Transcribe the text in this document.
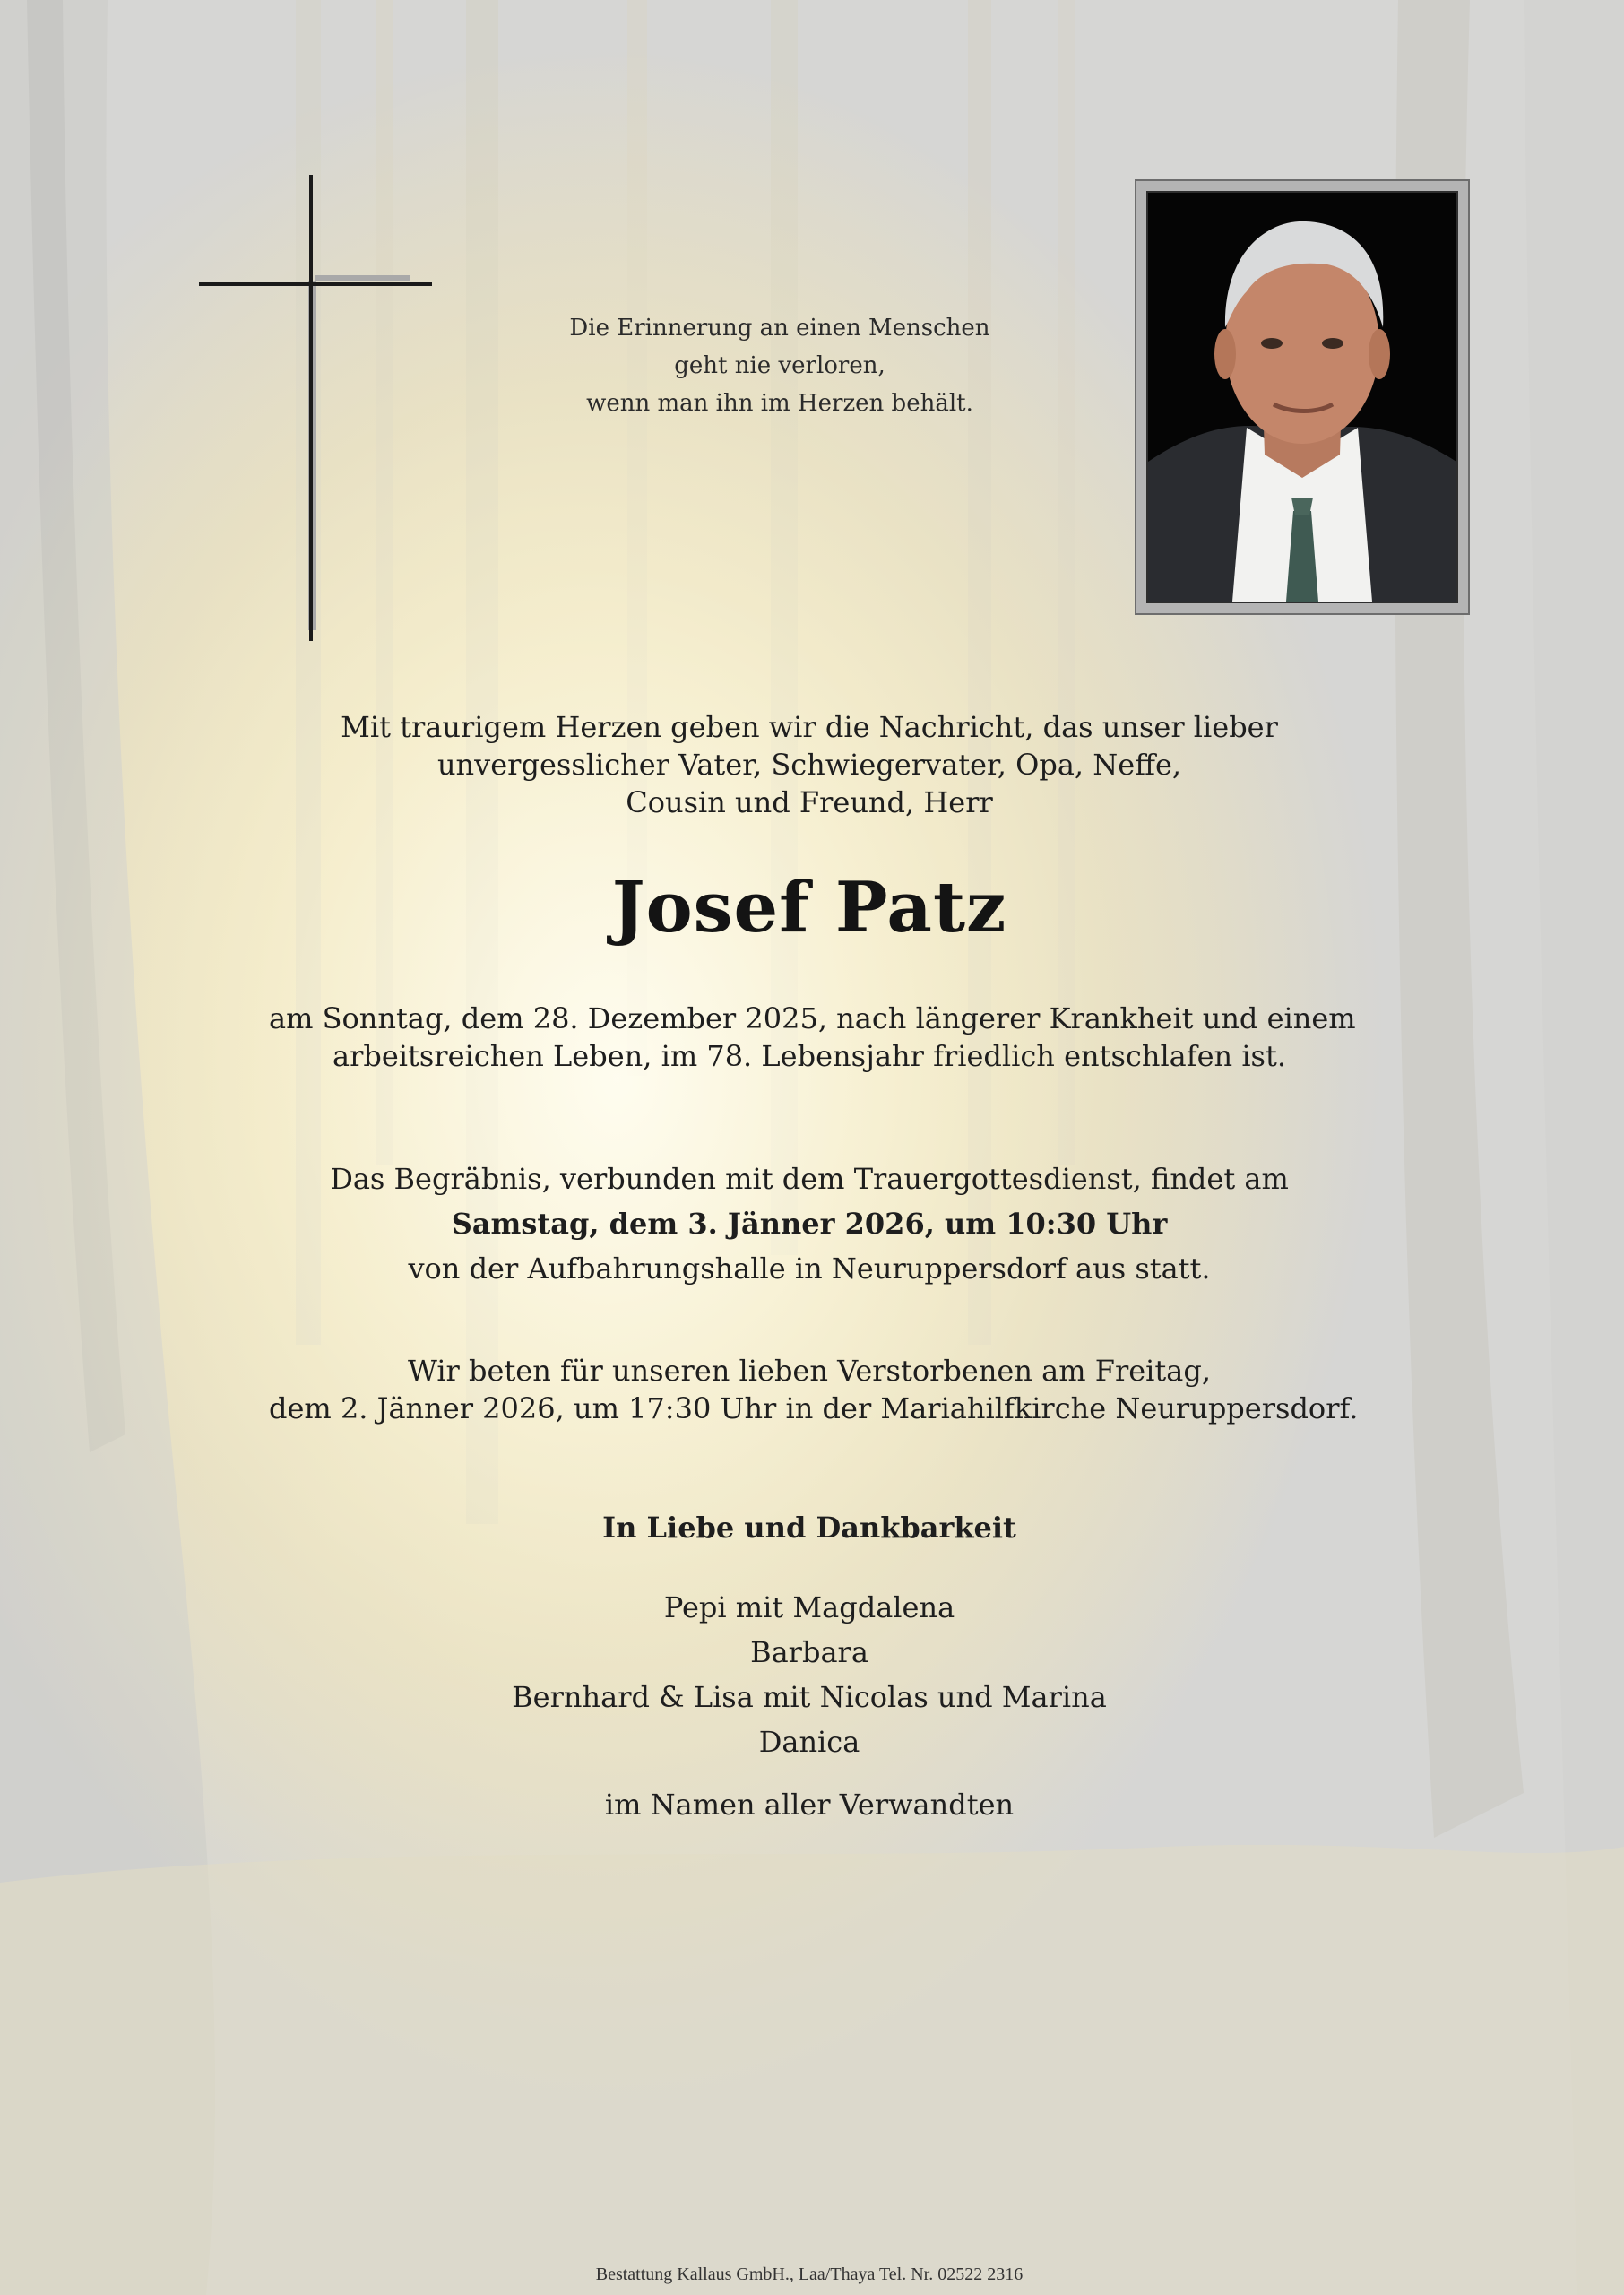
Die Erinnerung an einen Menschen
geht nie verloren,
wenn man ihn im Herzen behält.
Mit traurigem Herzen geben wir die Nachricht, das unser lieber
unvergesslicher Vater, Schwiegervater, Opa, Neffe,
Cousin und Freund, Herr
Josef Patz
am Sonntag, dem 28. Dezember 2025, nach längerer Krankheit und einem
arbeitsreichen Leben, im 78. Lebensjahr friedlich entschlafen ist.
Das Begräbnis, verbunden mit dem Trauergottesdienst, findet am
Samstag, dem 3. Jänner 2026, um 10:30 Uhr
von der Aufbahrungshalle in Neuruppersdorf aus statt.
Wir beten für unseren lieben Verstorbenen am Freitag,
dem 2. Jänner 2026, um 17:30 Uhr in der Mariahilfkirche Neuruppersdorf.
In Liebe und Dankbarkeit
Pepi mit Magdalena
Barbara
Bernhard & Lisa mit Nicolas und Marina
Danica
im Namen aller Verwandten
Bestattung Kallaus GmbH., Laa/Thaya Tel. Nr. 02522 2316
